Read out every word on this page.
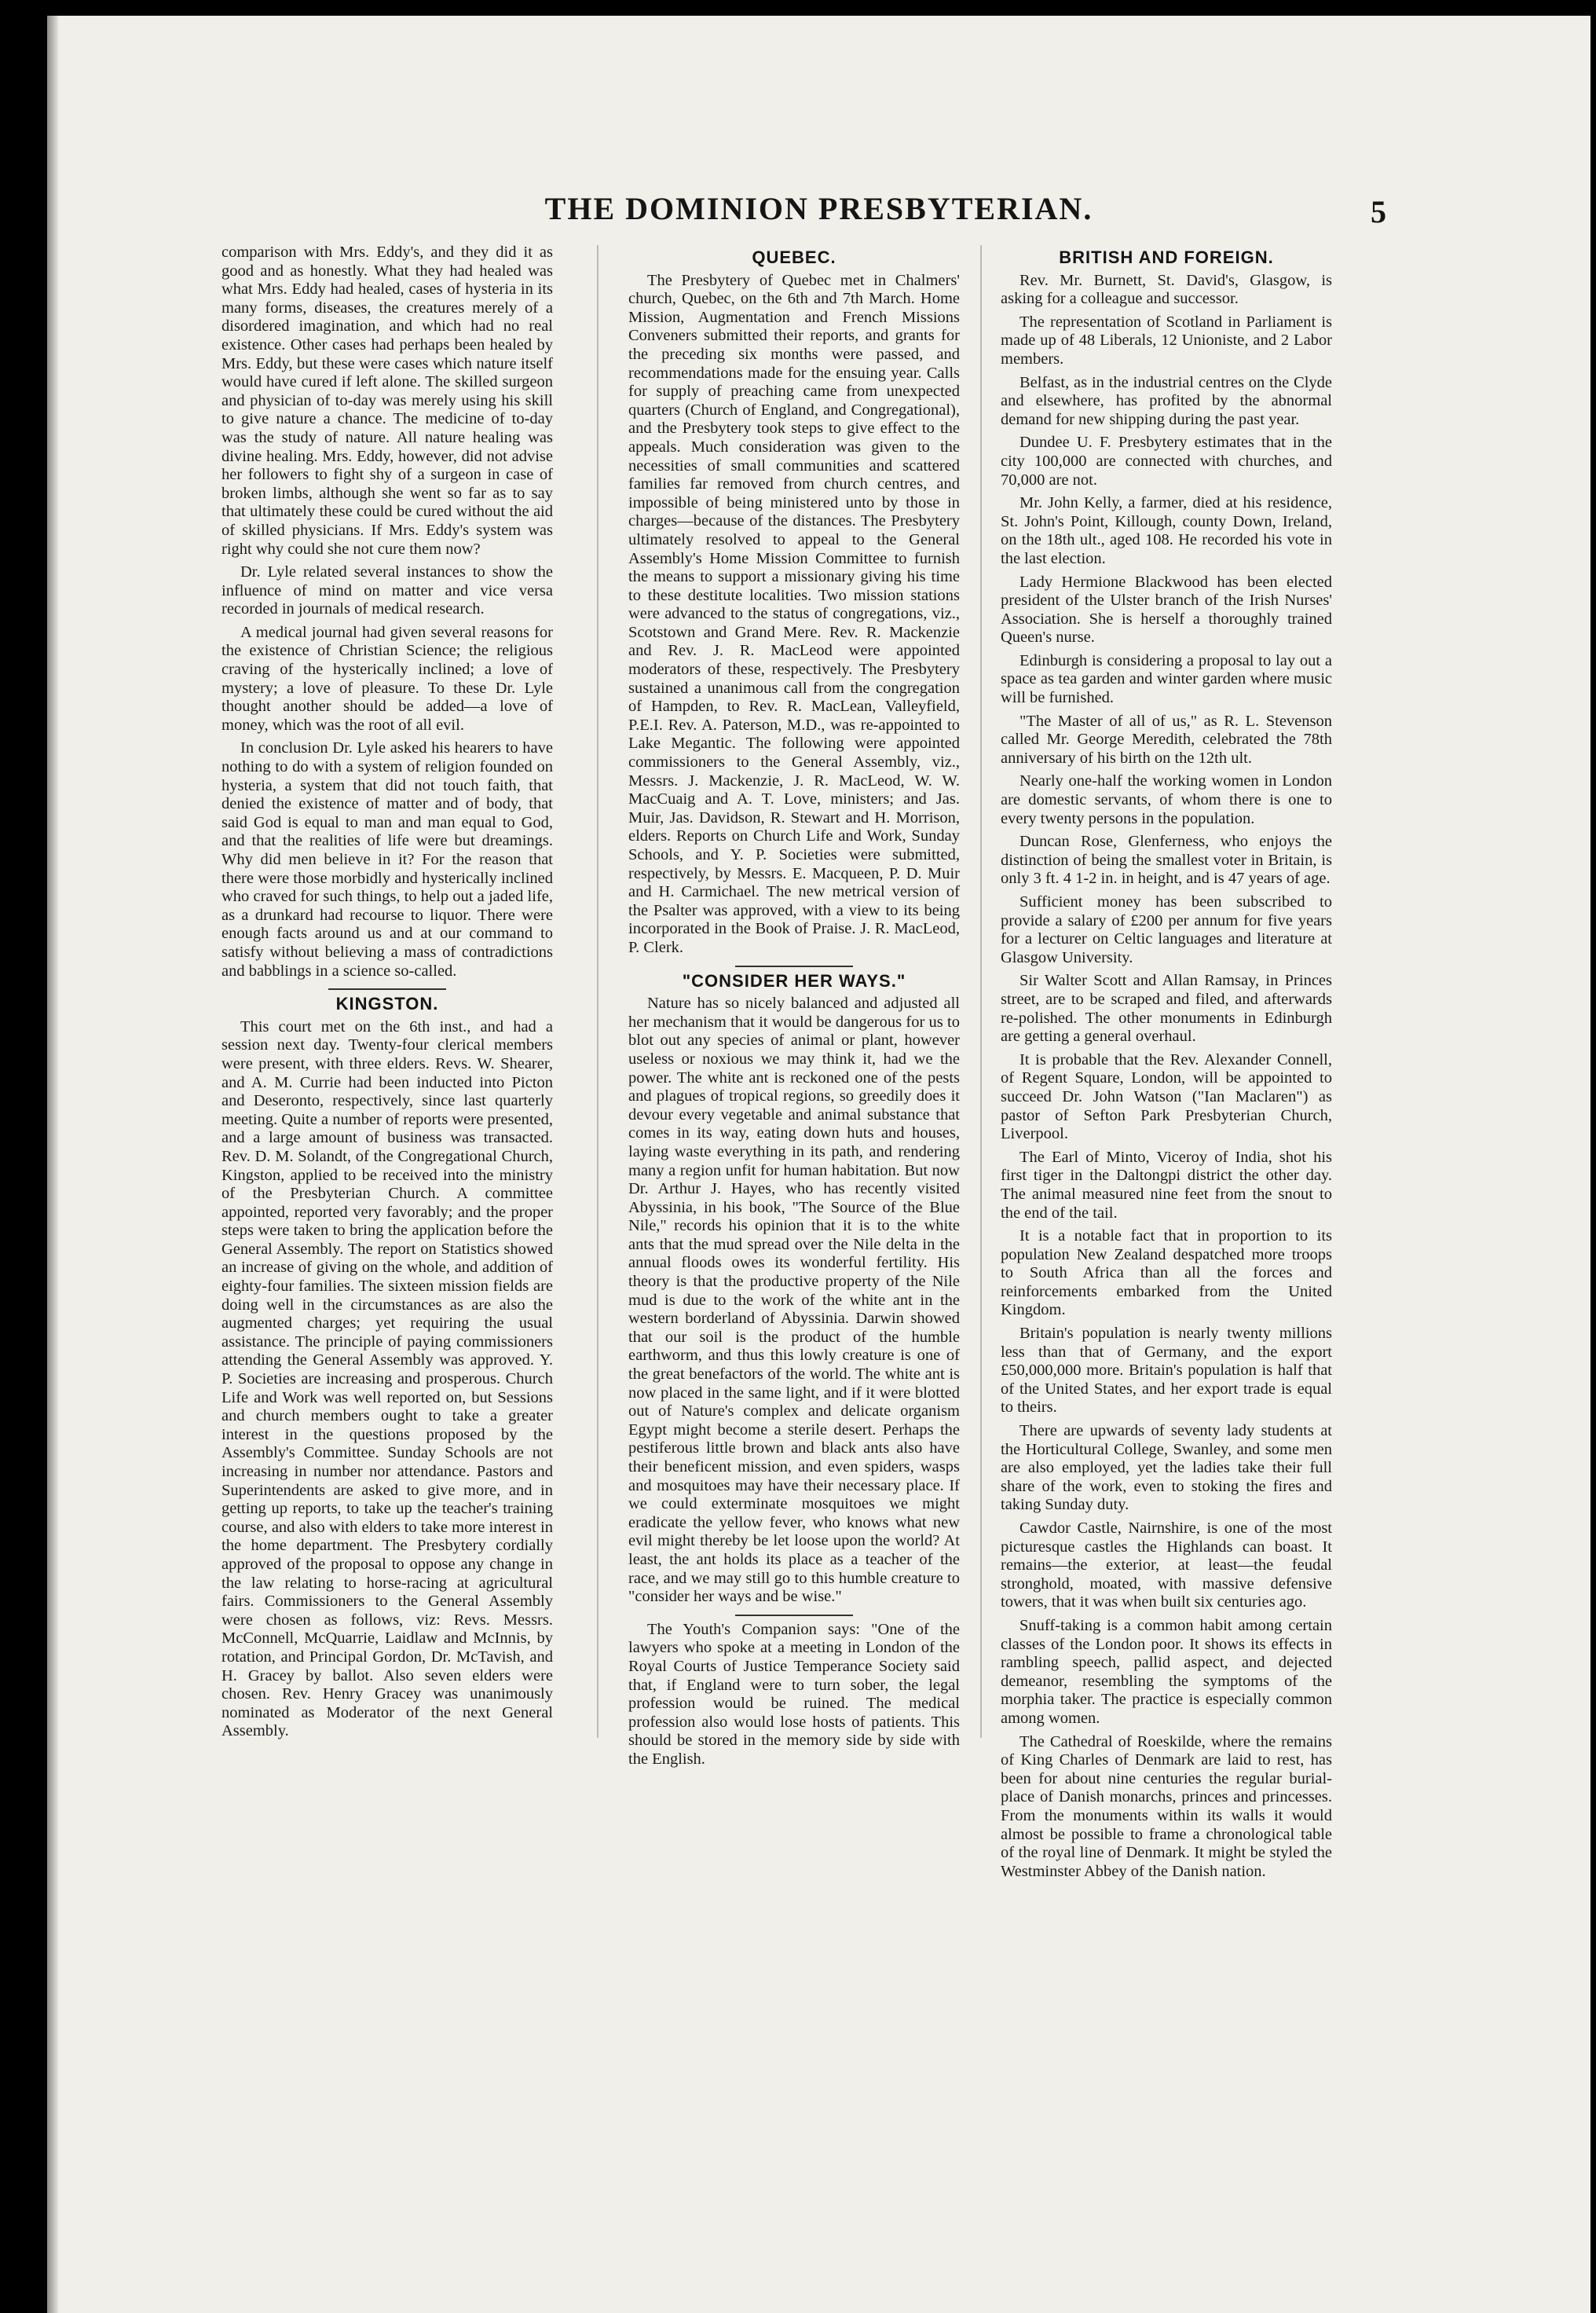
THE DOMINION PRESBYTERIAN.	5

comparison with Mrs. Eddy's, and they did it as good and as honestly. What they had healed was what Mrs. Eddy had healed, cases of hysteria in its many forms, diseases, the creatures merely of a disordered imagination, and which had no real existence. Other cases had perhaps been healed by Mrs. Eddy, but these were cases which nature itself would have cured if left alone. The skilled surgeon and physician of to-day was merely using his skill to give nature a chance. The medicine of to-day was the study of nature. All nature healing was divine healing. Mrs. Eddy, however, did not advise her followers to fight shy of a surgeon in case of broken limbs, although she went so far as to say that ultimately these could be cured without the aid of skilled physicians. If Mrs. Eddy's system was right why could she not cure them now?

Dr. Lyle related several instances to show the influence of mind on matter and vice versa recorded in journals of medical research.

A medical journal had given several reasons for the existence of Christian Science; the religious craving of the hysterically inclined; a love of mystery; a love of pleasure. To these Dr. Lyle thought another should be added—a love of money, which was the root of all evil.

In conclusion Dr. Lyle asked his hearers to have nothing to do with a system of religion founded on hysteria, a system that did not touch faith, that denied the existence of matter and of body, that said God is equal to man and man equal to God, and that the realities of life were but dreamings. Why did men believe in it? For the reason that there were those morbidly and hysterically inclined who craved for such things, to help out a jaded life, as a drunkard had recourse to liquor. There were enough facts around us and at our command to satisfy without believing a mass of contradictions and babblings in a science so-called.

KINGSTON.

This court met on the 6th inst., and had a session next day. Twenty-four clerical members were present, with three elders. Revs. W. Shearer, and A. M. Currie had been inducted into Picton and Deseronto, respectively, since last quarterly meeting. Quite a number of reports were presented, and a large amount of business was transacted. Rev. D. M. Solandt, of the Congregational Church, Kingston, applied to be received into the ministry of the Presbyterian Church. A committee appointed, reported very favorably; and the proper steps were taken to bring the application before the General Assembly. The report on Statistics showed an increase of giving on the whole, and addition of eighty-four families. The sixteen mission fields are doing well in the circumstances as are also the augmented charges; yet requiring the usual assistance. The principle of paying commissioners attending the General Assembly was approved. Y. P. Societies are increasing and prosperous. Church Life and Work was well reported on, but Sessions and church members ought to take a greater interest in the questions proposed by the Assembly's Committee. Sunday Schools are not increasing in number nor attendance. Pastors and Superintendents are asked to give more, and in getting up reports, to take up the teacher's training course, and also with elders to take more interest in the home department. The Presbytery cordially approved of the proposal to oppose any change in the law relating to horse-racing at agricultural fairs. Commissioners to the General Assembly were chosen as follows, viz: Revs. Messrs. McConnell, McQuarrie, Laidlaw and McInnis, by rotation, and Principal Gordon, Dr. McTavish, and H. Gracey by ballot. Also seven elders were chosen. Rev. Henry Gracey was unanimously nominated as Moderator of the next General Assembly.

QUEBEC.

The Presbytery of Quebec met in Chalmers' church, Quebec, on the 6th and 7th March. Home Mission, Augmentation and French Missions Conveners submitted their reports, and grants for the preceding six months were passed, and recommendations made for the ensuing year. Calls for supply of preaching came from unexpected quarters (Church of England, and Congregational), and the Presbytery took steps to give effect to the appeals. Much consideration was given to the necessities of small communities and scattered families far removed from church centres, and impossible of being ministered unto by those in charges—because of the distances. The Presbytery ultimately resolved to appeal to the General Assembly's Home Mission Committee to furnish the means to support a missionary giving his time to these destitute localities. Two mission stations were advanced to the status of congregations, viz., Scotstown and Grand Mere. Rev. R. Mackenzie and Rev. J. R. MacLeod were appointed moderators of these, respectively. The Presbytery sustained a unanimous call from the congregation of Hampden, to Rev. R. MacLean, Valleyfield, P.E.I. Rev. A. Paterson, M.D., was re-appointed to Lake Megantic. The following were appointed commissioners to the General Assembly, viz., Messrs. J. Mackenzie, J. R. MacLeod, W. W. MacCuaig and A. T. Love, ministers; and Jas. Muir, Jas. Davidson, R. Stewart and H. Morrison, elders. Reports on Church Life and Work, Sunday Schools, and Y. P. Societies were submitted, respectively, by Messrs. E. Macqueen, P. D. Muir and H. Carmichael. The new metrical version of the Psalter was approved, with a view to its being incorporated in the Book of Praise. J. R. MacLeod, P. Clerk.

"CONSIDER HER WAYS."

Nature has so nicely balanced and adjusted all her mechanism that it would be dangerous for us to blot out any species of animal or plant, however useless or noxious we may think it, had we the power. The white ant is reckoned one of the pests and plagues of tropical regions, so greedily does it devour every vegetable and animal substance that comes in its way, eating down huts and houses, laying waste everything in its path, and rendering many a region unfit for human habitation. But now Dr. Arthur J. Hayes, who has recently visited Abyssinia, in his book, "The Source of the Blue Nile," records his opinion that it is to the white ants that the mud spread over the Nile delta in the annual floods owes its wonderful fertility. His theory is that the productive property of the Nile mud is due to the work of the white ant in the western borderland of Abyssinia. Darwin showed that our soil is the product of the humble earthworm, and thus this lowly creature is one of the great benefactors of the world. The white ant is now placed in the same light, and if it were blotted out of Nature's complex and delicate organism Egypt might become a sterile desert. Perhaps the pestiferous little brown and black ants also have their beneficent mission, and even spiders, wasps and mosquitoes may have their necessary place. If we could exterminate mosquitoes we might eradicate the yellow fever, who knows what new evil might thereby be let loose upon the world? At least, the ant holds its place as a teacher of the race, and we may still go to this humble creature to "consider her ways and be wise."

The Youth's Companion says: "One of the lawyers who spoke at a meeting in London of the Royal Courts of Justice Temperance Society said that, if England were to turn sober, the legal profession would be ruined. The medical profession also would lose hosts of patients. This should be stored in the memory side by side with the English.

BRITISH AND FOREIGN.

Rev. Mr. Burnett, St. David's, Glasgow, is asking for a colleague and successor.

The representation of Scotland in Parliament is made up of 48 Liberals, 12 Unioniste, and 2 Labor members.

Belfast, as in the industrial centres on the Clyde and elsewhere, has profited by the abnormal demand for new shipping during the past year.

Dundee U. F. Presbytery estimates that in the city 100,000 are connected with churches, and 70,000 are not.

Mr. John Kelly, a farmer, died at his residence, St. John's Point, Killough, county Down, Ireland, on the 18th ult., aged 108. He recorded his vote in the last election.

Lady Hermione Blackwood has been elected president of the Ulster branch of the Irish Nurses' Association. She is herself a thoroughly trained Queen's nurse.

Edinburgh is considering a proposal to lay out a space as tea garden and winter garden where music will be furnished.

"The Master of all of us," as R. L. Stevenson called Mr. George Meredith, celebrated the 78th anniversary of his birth on the 12th ult.

Nearly one-half the working women in London are domestic servants, of whom there is one to every twenty persons in the population.

Duncan Rose, Glenferness, who enjoys the distinction of being the smallest voter in Britain, is only 3 ft. 4 1-2 in. in height, and is 47 years of age.

Sufficient money has been subscribed to provide a salary of £200 per annum for five years for a lecturer on Celtic languages and literature at Glasgow University.

Sir Walter Scott and Allan Ramsay, in Princes street, are to be scraped and filed, and afterwards re-polished. The other monuments in Edinburgh are getting a general overhaul.

It is probable that the Rev. Alexander Connell, of Regent Square, London, will be appointed to succeed Dr. John Watson ("Ian Maclaren") as pastor of Sefton Park Presbyterian Church, Liverpool.

The Earl of Minto, Viceroy of India, shot his first tiger in the Daltongpi district the other day. The animal measured nine feet from the snout to the end of the tail.

It is a notable fact that in proportion to its population New Zealand despatched more troops to South Africa than all the forces and reinforcements embarked from the United Kingdom.

Britain's population is nearly twenty millions less than that of Germany, and the export £50,000,000 more. Britain's population is half that of the United States, and her export trade is equal to theirs.

There are upwards of seventy lady students at the Horticultural College, Swanley, and some men are also employed, yet the ladies take their full share of the work, even to stoking the fires and taking Sunday duty.

Cawdor Castle, Nairnshire, is one of the most picturesque castles the Highlands can boast. It remains—the exterior, at least—the feudal stronghold, moated, with massive defensive towers, that it was when built six centuries ago.

Snuff-taking is a common habit among certain classes of the London poor. It shows its effects in rambling speech, pallid aspect, and dejected demeanor, resembling the symptoms of the morphia taker. The practice is especially common among women.

The Cathedral of Roeskilde, where the remains of King Charles of Denmark are laid to rest, has been for about nine centuries the regular burial-place of Danish monarchs, princes and princesses. From the monuments within its walls it would almost be possible to frame a chronological table of the royal line of Denmark. It might be styled the Westminster Abbey of the Danish nation.
